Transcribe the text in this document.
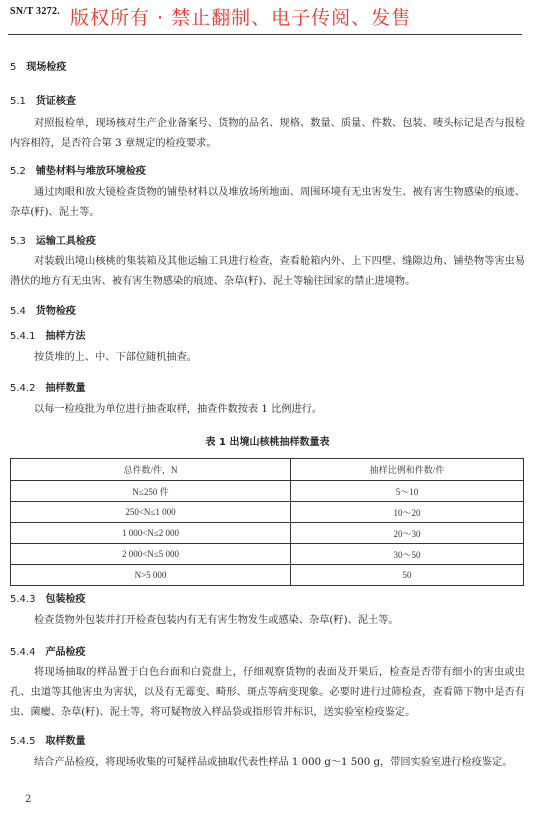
SN/T 3272. 版权所有 · 禁止翻制、电子传阅、发售
5 现场检疫
5.1 货证核查
对照报检单，现场核对生产企业备案号、货物的品名、规格、数量、质量、件数、包装、唛头标记是否与报检内容相符，是否符合第 3 章规定的检疫要求。
5.2 铺垫材料与堆放环境检疫
通过肉眼和放大镜检查货物的铺垫材料以及堆放场所地面、周围环境有无虫害发生、被有害生物感染的痕迹、杂草(籽)、泥土等。
5.3 运输工具检疫
对装载出境山核桃的集装箱及其他运输工具进行检查，查看舱箱内外、上下四壁、缝隙边角、铺垫物等害虫易潜伏的地方有无虫害、被有害生物感染的痕迹、杂草(籽)、泥土等输往国家的禁止进境物。
5.4 货物检疫
5.4.1 抽样方法
按货堆的上、中、下部位随机抽查。
5.4.2 抽样数量
以每一检疫批为单位进行抽查取样，抽查件数按表 1 比例进行。
表 1 出境山核桃抽样数量表
总件数/件，N	抽样比例和件数/件
N≤250 件	5～10
250<N≤1 000	10～20
1 000<N≤2 000	20～30
2 000<N≤5 000	30～50
N>5 000	50
5.4.3 包装检疫
检查货物外包装并打开检查包装内有无有害生物发生或感染、杂草(籽)、泥土等。
5.4.4 产品检疫
将现场抽取的样品置于白色台面和白瓷盘上，仔细观察货物的表面及开果后，检查是否带有细小的害虫或虫孔、虫道等其他害虫为害状，以及有无霉变、畸形、斑点等病变现象。必要时进行过筛检查，查看筛下物中是否有虫、菌瘿、杂草(籽)、泥土等，将可疑物放入样品袋或指形管并标识，送实验室检疫鉴定。
5.4.5 取样数量
结合产品检疫，将现场收集的可疑样品或抽取代表性样品 1 000 g～1 500 g，带回实验室进行检疫鉴定。
2
